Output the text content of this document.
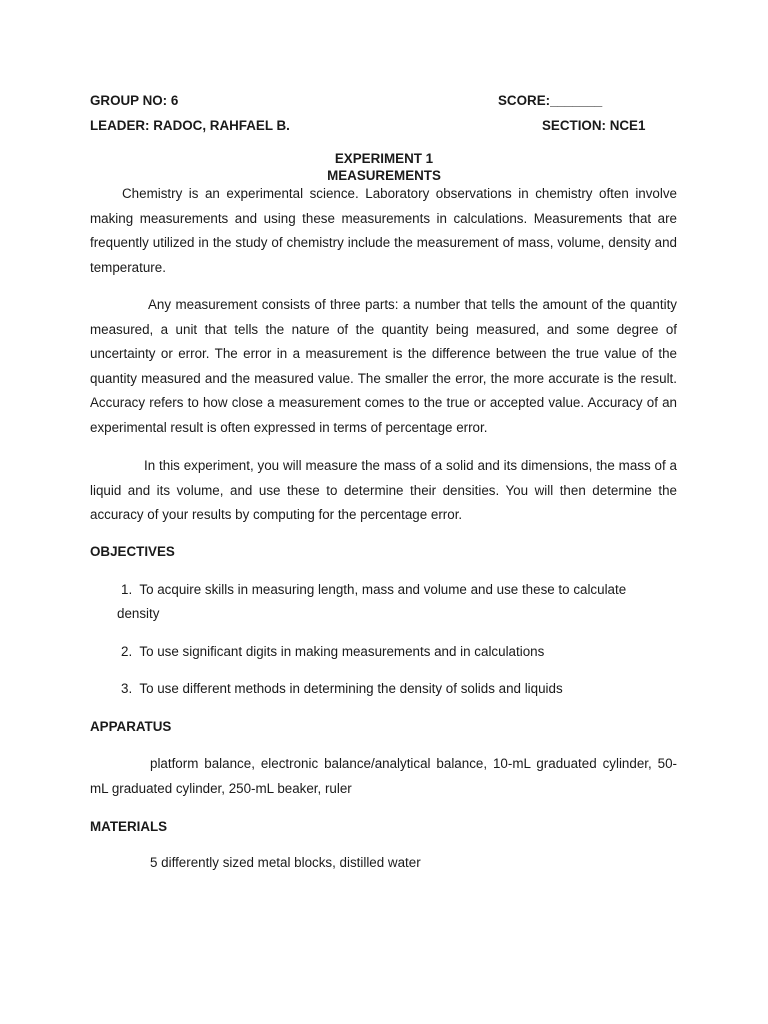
GROUP NO: 6	SCORE:_______
LEADER: RADOC, RAHFAEL B.	SECTION: NCE1
EXPERIMENT 1
MEASUREMENTS
Chemistry is an experimental science. Laboratory observations in chemistry often involve making measurements and using these measurements in calculations. Measurements that are frequently utilized in the study of chemistry include the measurement of mass, volume, density and temperature.
Any measurement consists of three parts: a number that tells the amount of the quantity measured, a unit that tells the nature of the quantity being measured, and some degree of uncertainty or error. The error in a measurement is the difference between the true value of the quantity measured and the measured value. The smaller the error, the more accurate is the result. Accuracy refers to how close a measurement comes to the true or accepted value. Accuracy of an experimental result is often expressed in terms of percentage error.
In this experiment, you will measure the mass of a solid and its dimensions, the mass of a liquid and its volume, and use these to determine their densities. You will then determine the accuracy of your results by computing for the percentage error.
OBJECTIVES
1. To acquire skills in measuring length, mass and volume and use these to calculate density
2. To use significant digits in making measurements and in calculations
3. To use different methods in determining the density of solids and liquids
APPARATUS
platform balance, electronic balance/analytical balance, 10-mL graduated cylinder, 50-mL graduated cylinder, 250-mL beaker, ruler
MATERIALS
5 differently sized metal blocks, distilled water
